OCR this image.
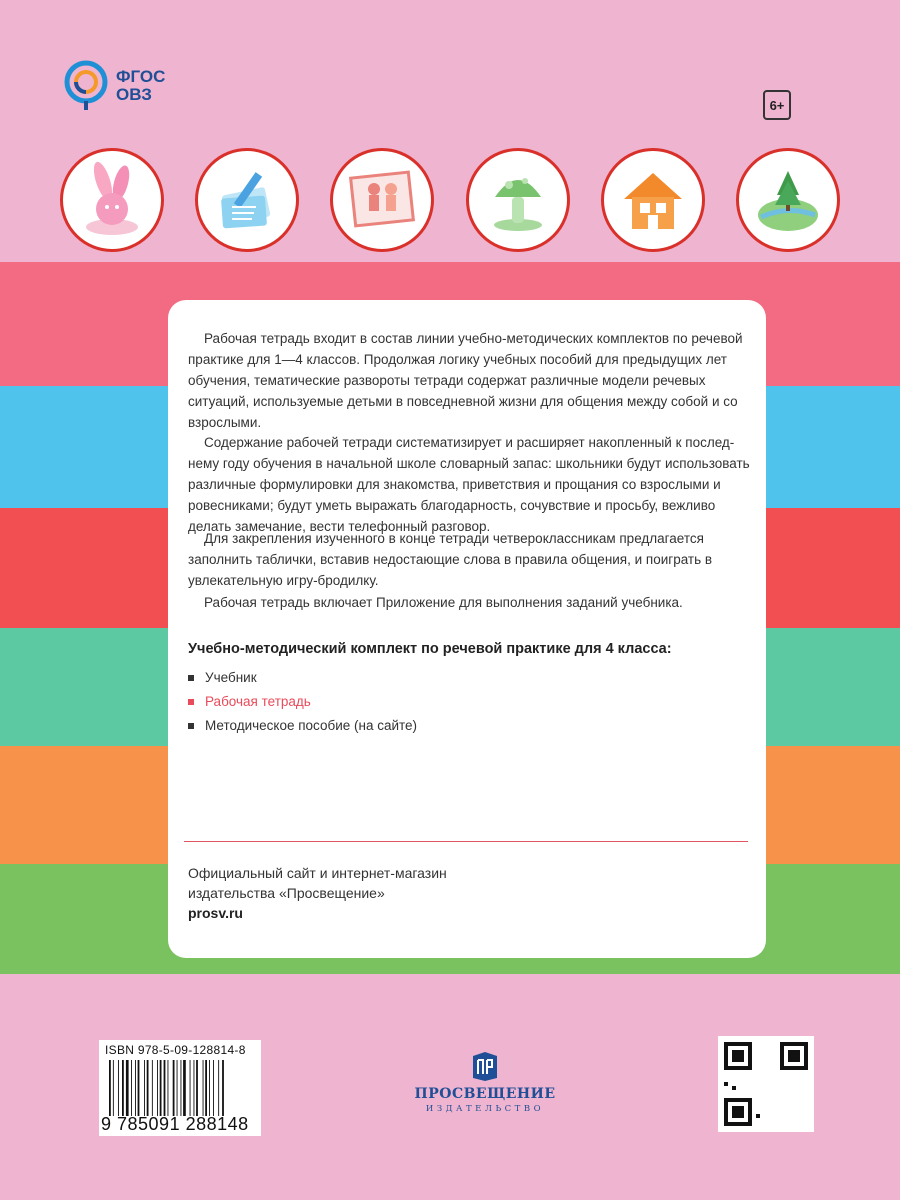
ФГОС
ОВЗ
6+

Рабочая тетрадь входит в состав линии учебно-методических комплектов по речевой практике для 1—4 классов. Продолжая логику учебных пособий для предыдущих лет обучения, тематические развороты тетради содержат различные модели речевых ситуаций, используемые детьми в повседневной жизни для общения между собой и со взрослыми.

Содержание рабочей тетради систематизирует и расширяет накопленный к последнему году обучения в начальной школе словарный запас: школьники будут использовать различные формулировки для знакомства, приветствия и прощания со взрослыми и ровесниками; будут уметь выражать благодарность, сочувствие и просьбу, вежливо делать замечание, вести телефонный разговор.

Для закрепления изученного в конце тетради четвероклассникам предлагается заполнить таблички, вставив недостающие слова в правила общения, и поиграть в увлекательную игру-бродилку.

Рабочая тетрадь включает Приложение для выполнения заданий учебника.

Учебно-методический комплект по речевой практике для 4 класса:
Учебник
Рабочая тетрадь
Методическое пособие (на сайте)
Официальный сайт и интернет-магазин
издательства «Просвещение»
prosv.ru
ISBN 978-5-09-128814-8
9 785091 288148
ПРОСВЕЩЕНИЕ
ИЗДАТЕЛЬСТВО
